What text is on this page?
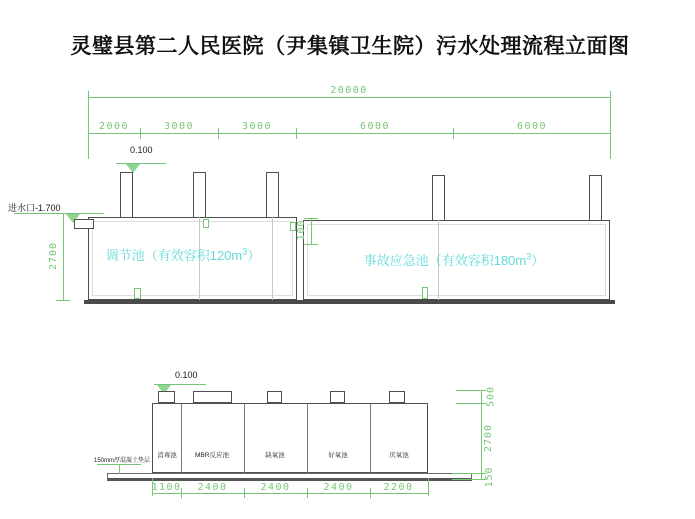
灵璧县第二人民医院（尹集镇卫生院）污水处理流程立面图
20000
2000	3000	3000	6000	6000
0.100
进水口-1.700
2700
100
调节池（有效容积$120m^3$）	事故应急池（有效容积$180m^3$）
0.100
消毒池	MBR反应池	缺氧池	好氧池	厌氧池
150mm厚混凝土垫层
500
2700
150
1100	2400	2400	2400	2200
